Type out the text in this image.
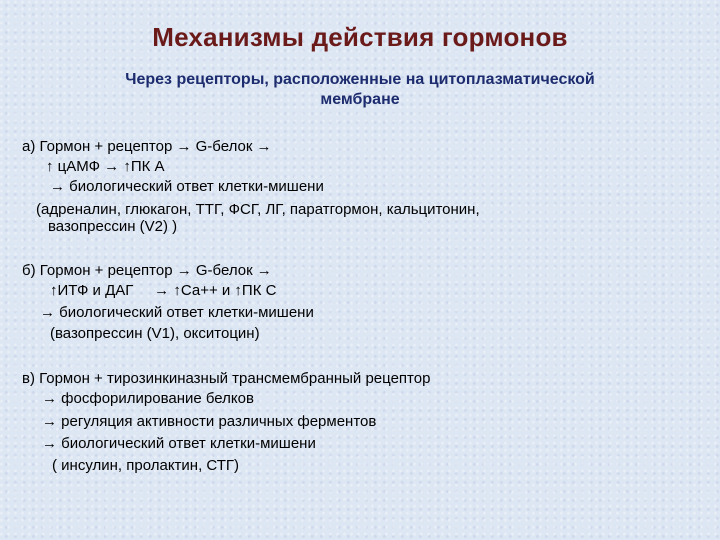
Механизмы действия гормонов
Через рецепторы, расположенные на цитоплазматической
мембране
а) Гормон + рецептор → G-белок →
↑ цАМФ → ↑ПК А
→ биологический ответ клетки-мишени
(адреналин, глюкагон, ТТГ, ФСГ, ЛГ, паратгормон, кальцитонин,
вазопрессин (V2) )
б) Гормон + рецептор → G-белок →
↑ИТФ и ДАГ     → ↑Са++ и ↑ПК С
→ биологический ответ клетки-мишени
(вазопрессин (V1), окситоцин)
в) Гормон + тирозинкиназный трансмембранный рецептор
→ фосфорилирование белков
→ регуляция активности различных ферментов
→ биологический ответ клетки-мишени
( инсулин, пролактин, СТГ)
